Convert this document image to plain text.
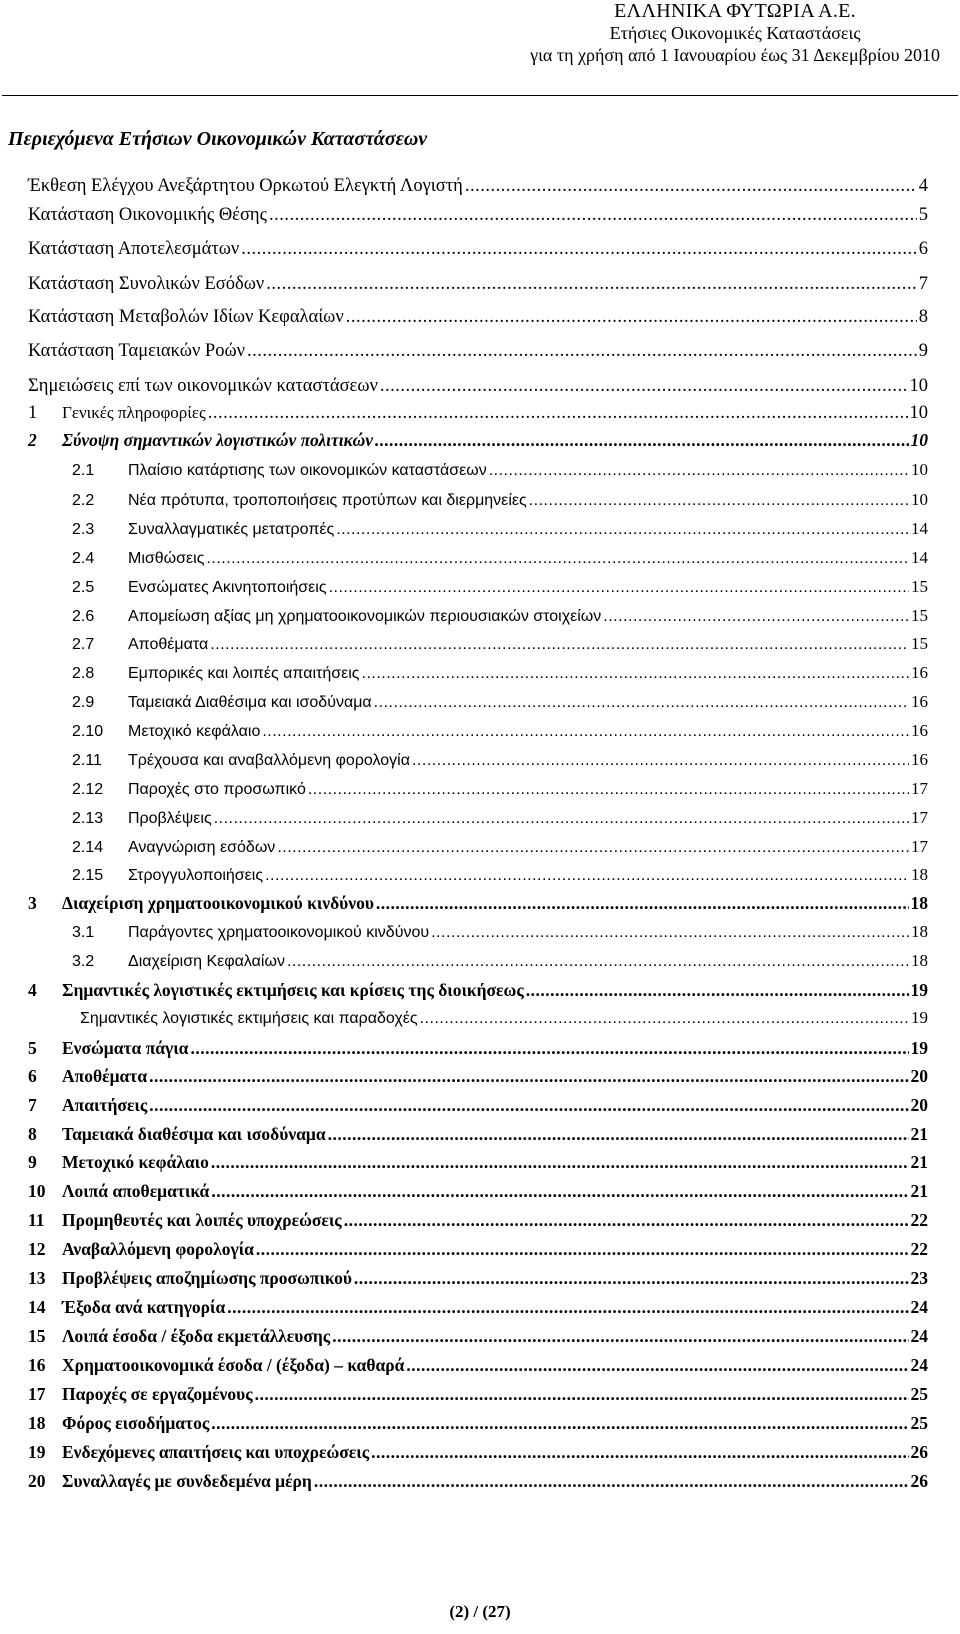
ΕΛΛΗΝΙΚΑ ΦΥΤΩΡΙΑ Α.Ε.
Ετήσιες Οικονομικές Καταστάσεις
για τη χρήση από 1 Ιανουαρίου έως 31 Δεκεμβρίου 2010
Περιεχόμενα Ετήσιων Οικονομικών Καταστάσεων
Έκθεση Ελέγχου Ανεξάρτητου Ορκωτού Ελεγκτή Λογιστή .....	4
Κατάσταση Οικονομικής Θέσης .....	5
Κατάσταση Αποτελεσμάτων .....	6
Κατάσταση Συνολικών Εσόδων .....	7
Κατάσταση Μεταβολών Ιδίων Κεφαλαίων .....	8
Κατάσταση Ταμειακών Ροών .....	9
Σημειώσεις επί των οικονομικών καταστάσεων .....	10
1	Γενικές πληροφορίες .....	10
2	Σύνοψη σημαντικών λογιστικών πολιτικών .....	10
2.1	Πλαίσιο κατάρτισης των οικονομικών καταστάσεων .....	10
2.2	Νέα πρότυπα, τροποποιήσεις προτύπων και διερμηνείες .....	10
2.3	Συναλλαγματικές μετατροπές .....	14
2.4	Μισθώσεις .....	14
2.5	Ενσώματες Ακινητοποιήσεις .....	15
2.6	Απομείωση αξίας μη χρηματοοικονομικών περιουσιακών στοιχείων .....	15
2.7	Αποθέματα .....	15
2.8	Εμπορικές και λοιπές απαιτήσεις .....	16
2.9	Ταμειακά Διαθέσιμα και ισοδύναμα .....	16
2.10	Μετοχικό κεφάλαιο .....	16
2.11	Τρέχουσα και αναβαλλόμενη φορολογία .....	16
2.12	Παροχές στο προσωπικό .....	17
2.13	Προβλέψεις .....	17
2.14	Αναγνώριση εσόδων .....	17
2.15	Στρογγυλοποιήσεις .....	18
3	Διαχείριση χρηματοοικονομικού κινδύνου .....	18
3.1	Παράγοντες χρηματοοικονομικού κινδύνου .....	18
3.2	Διαχείριση Κεφαλαίων .....	18
4	Σημαντικές λογιστικές εκτιμήσεις και κρίσεις της διοικήσεως .....	19
Σημαντικές λογιστικές εκτιμήσεις και παραδοχές .....	19
5	Ενσώματα πάγια .....	19
6	Αποθέματα .....	20
7	Απαιτήσεις .....	20
8	Ταμειακά διαθέσιμα και ισοδύναμα .....	21
9	Μετοχικό κεφάλαιο .....	21
10 Λοιπά αποθεματικά .....	21
11 Προμηθευτές και λοιπές υποχρεώσεις .....	22
12 Αναβαλλόμενη φορολογία .....	22
13 Προβλέψεις αποζημίωσης προσωπικού .....	23
14 Έξοδα ανά κατηγορία .....	24
15 Λοιπά έσοδα / έξοδα εκμετάλλευσης .....	24
16 Χρηματοοικονομικά έσοδα / (έξοδα) – καθαρά .....	24
17 Παροχές σε εργαζομένους .....	25
18 Φόρος εισοδήματος .....	25
19 Ενδεχόμενες απαιτήσεις και υποχρεώσεις .....	26
20 Συναλλαγές με συνδεδεμένα μέρη .....	26
(2) / (27)
